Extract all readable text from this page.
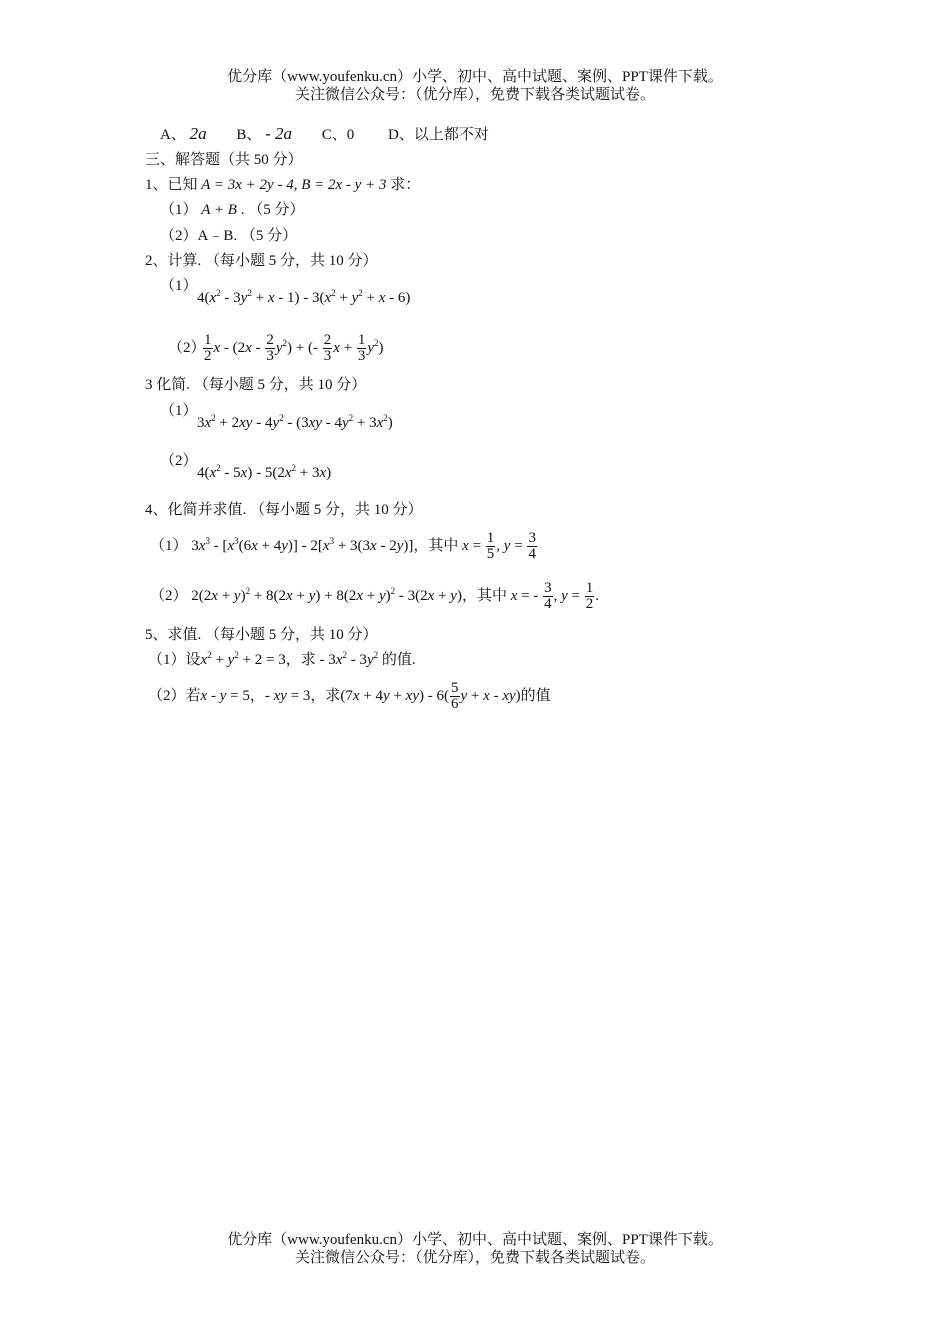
优分库（www.youfenku.cn）小学、初中、高中试题、案例、PPT课件下载。
关注微信公众号：（优分库），免费下载各类试题试卷。
A、 2a B、 - 2a C、0 D、以上都不对
三、解答题（共 50 分）
1、已知 A = 3x + 2y - 4, B = 2x - y + 3 求：
（1） A + B . （5 分）
（2）A﹣B. （5 分）
2、计算. （每小题 5 分，共 10 分）
（1）
$4(x^2 - 3y^2 + x - 1) - 3(x^2 + y^2 + x - 6)$
（2）
$\frac{1}{2}$ x - $(2x - \frac{2}{3} y^2)$ + (- $\frac{2}{3}$ $x + \frac{1}{3} y^2$)
3 化简. （每小题 5 分，共 10 分）
（1）
$3x^2 + 2xy - 4y^2 - (3xy - 4y^2 + 3x^2)$
（2）
$4(x^2 - 5x) - 5(2x^2 + 3x)$
4、化简并求值. （每小题 5 分，共 10 分）
（1） $3x^3 - [x^3(6x + 4y)] - 2[x^3 + 3(3x - 2y)]$，其中 $x = \frac{1}{5}$ , $y = \frac{3}{4}$
（2） $2(2x + y)^2 + 8(2x + y) + 8(2x + y)^2 - 3(2x + y)$，其中 x = - $\frac{3}{4}$ , $y = \frac{1}{2}$ .
5、求值. （每小题 5 分，共 10 分）
（1）设$x^2 + y^2 + 2 = 3$，求 - $3x^2 - 3y^2$ 的值.
（2）若x - y = 5，- xy = 3，求$(7x + 4y + xy) - 6( \frac{5}{6}$ y + x - xy)的值
优分库（www.youfenku.cn）小学、初中、高中试题、案例、PPT课件下载。
关注微信公众号：（优分库），免费下载各类试题试卷。
